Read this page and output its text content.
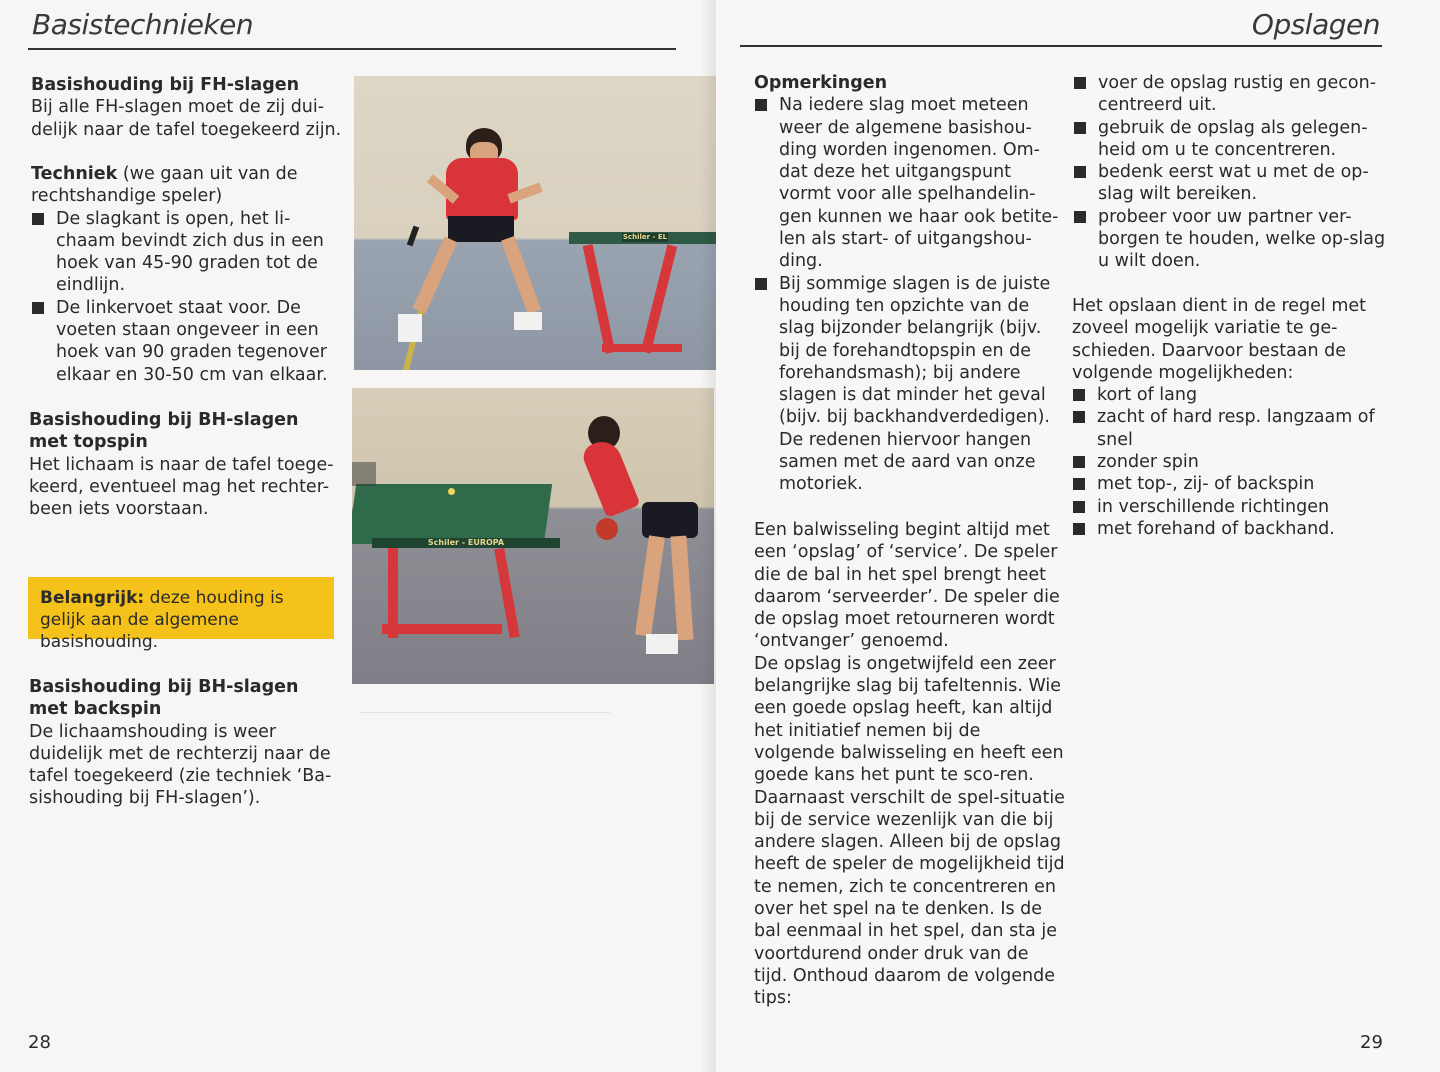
Basistechnieken

Basishouding bij FH-slagen

Bij alle FH-slagen moet de zij dui-delijk naar de tafel toegekeerd zijn.

Techniek (we gaan uit van de rechtshandige speler)

De slagkant is open, het li-chaam bevindt zich dus in een hoek van 45-90 graden tot de eindlijn.
De linkervoet staat voor. De voeten staan ongeveer in een hoek van 90 graden tegenover elkaar en 30-50 cm van elkaar.

Basishouding bij BH-slagen met topspin

Het lichaam is naar de tafel toege-keerd, eventueel mag het rechter-been iets voorstaan.

Belangrijk: deze houding is gelijk aan de algemene basishouding.

Basishouding bij BH-slagen met backspin

De lichaamshouding is weer duidelijk met de rechterzij naar de tafel toegekeerd (zie techniek ‘Ba-sishouding bij FH-slagen’).

Schiler - EL
Schiler - EUROPA
28
Opslagen

Opmerkingen

Na iedere slag moet meteen weer de algemene basishou-ding worden ingenomen. Om-dat deze het uitgangspunt vormt voor alle spelhandelin-gen kunnen we haar ook betite-len als start- of uitgangshou-ding.
Bij sommige slagen is de juiste houding ten opzichte van de slag bijzonder belangrijk (bijv. bij de forehandtopspin en de forehandsmash); bij andere slagen is dat minder het geval (bijv. bij backhandverdedigen). De redenen hiervoor hangen samen met de aard van onze motoriek.

Een balwisseling begint altijd met een ‘opslag’ of ‘service’. De speler die de bal in het spel brengt heet daarom ‘serveerder’. De speler die de opslag moet retourneren wordt ‘ontvanger’ genoemd.

De opslag is ongetwijfeld een zeer belangrijke slag bij tafeltennis. Wie een goede opslag heeft, kan altijd het initiatief nemen bij de volgende balwisseling en heeft een goede kans het punt te sco-ren. Daarnaast verschilt de spel-situatie bij de service wezenlijk van die bij andere slagen. Alleen bij de opslag heeft de speler de mogelijkheid tijd te nemen, zich te concentreren en over het spel na te denken. Is de bal eenmaal in het spel, dan sta je voortdurend onder druk van de tijd. Onthoud daarom de volgende tips:

voer de opslag rustig en gecon-centreerd uit.
gebruik de opslag als gelegen-heid om u te concentreren.
bedenk eerst wat u met de op-slag wilt bereiken.
probeer voor uw partner ver-borgen te houden, welke op-slag u wilt doen.

Het opslaan dient in de regel met zoveel mogelijk variatie te ge-schieden. Daarvoor bestaan de volgende mogelijkheden:

kort of lang
zacht of hard resp. langzaam of snel
zonder spin
met top-, zij- of backspin
in verschillende richtingen
met forehand of backhand.
29
